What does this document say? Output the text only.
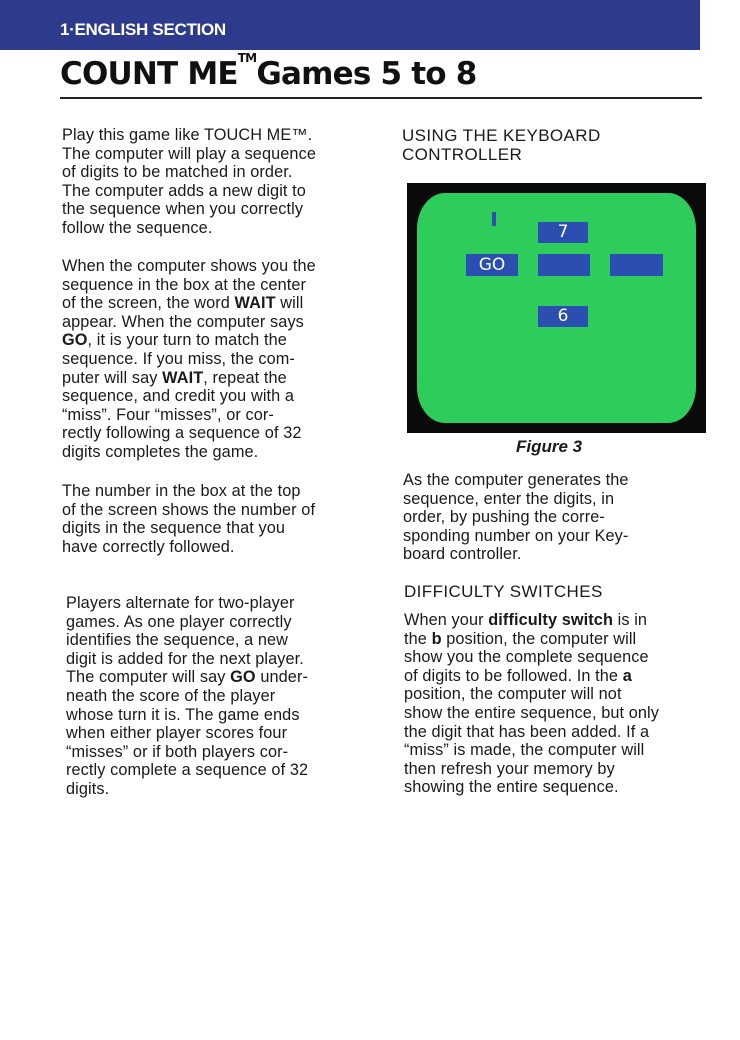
1·ENGLISH SECTION
COUNT ME™Games 5 to 8
Play this game like TOUCH ME™.
The computer will play a sequence
of digits to be matched in order.
The computer adds a new digit to
the sequence when you correctly
follow the sequence.
When the computer shows you the
sequence in the box at the center
of the screen, the word WAIT will
appear. When the computer says
GO, it is your turn to match the
sequence. If you miss, the com-
puter will say WAIT, repeat the
sequence, and credit you with a
“miss”. Four “misses”, or cor-
rectly following a sequence of 32
digits completes the game.
The number in the box at the top
of the screen shows the number of
digits in the sequence that you
have correctly followed.
Players alternate for two-player
games. As one player correctly
identifies the sequence, a new
digit is added for the next player.
The computer will say GO under-
neath the score of the player
whose turn it is. The game ends
when either player scores four
“misses” or if both players cor-
rectly complete a sequence of 32
digits.
USING THE KEYBOARD
CONTROLLER
7
GO
6
Figure 3
As the computer generates the
sequence, enter the digits, in
order, by pushing the corre-
sponding number on your Key-
board controller.
DIFFICULTY SWITCHES
When your difficulty switch is in
the b position, the computer will
show you the complete sequence
of digits to be followed. In the a
position, the computer will not
show the entire sequence, but only
the digit that has been added. If a
“miss” is made, the computer will
then refresh your memory by
showing the entire sequence.
